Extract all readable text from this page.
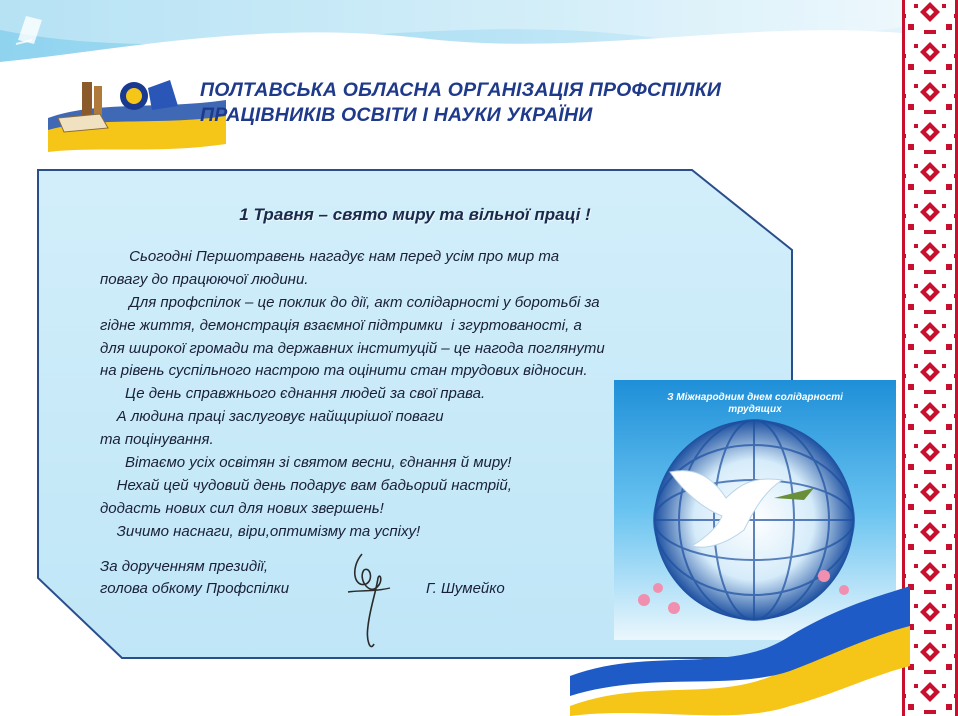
ПОЛТАВСЬКА ОБЛАСНА ОРГАНІЗАЦІЯ ПРОФСПІЛКИ
ПРАЦІВНИКІВ ОСВІТИ І НАУКИ УКРАЇНИ
1 Травня – свято миру та вільної праці !
Сьогодні Першотравень нагадує нам перед усім про мир та
повагу до працюючої людини.
Для профспілок – це поклик до дії, акт солідарності у боротьбі за
гідне життя, демонстрація взаємної підтримки  і згуртованості, а
для широкої громади та державних інституцій – це нагода поглянути
на рівень суспільного настрою та оцінити стан трудових відносин.
Це день справжнього єднання людей за свої права.
А людина праці заслуговує найщирішої поваги
та поцінування.
Вітаємо усіх освітян зі святом весни, єднання й миру!
Нехай цей чудовий день подарує вам бадьорий настрій,
додасть нових сил для нових звершень!
Зичимо наснаги, віри,оптимізму та успіху!
За дорученням президії,
голова обкому Профспілки	Г. Шумейко
З Міжнародним днем солідарності
трудящих
